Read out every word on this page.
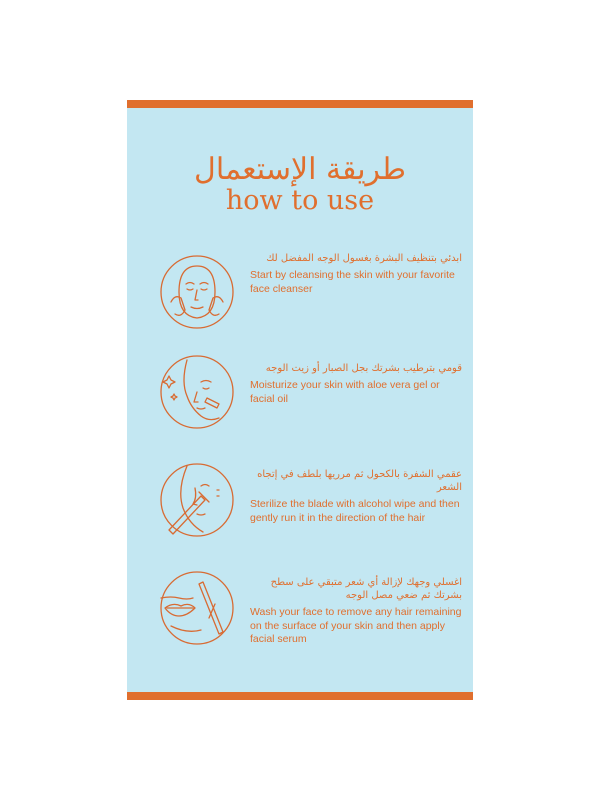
طريقة الإستعمال
how to use
ابدئي بتنظيف البشرة بغسول الوجه المفضل لك
Start by cleansing the skin with your favorite face cleanser
قومي بترطيب بشرتك بجل الصبار أو زيت الوجه
Moisturize your skin with aloe vera gel or facial oil
عقمي الشفرة بالكحول ثم مرريها بلطف في إتجاه الشعر
Sterilize the blade with alcohol wipe and then gently run it in the direction of the hair
اغسلي وجهك لإزالة أي شعر متبقي على سطح بشرتك ثم ضعي مصل الوجه
Wash your face to remove any hair remaining on the surface of your skin and then apply facial serum
